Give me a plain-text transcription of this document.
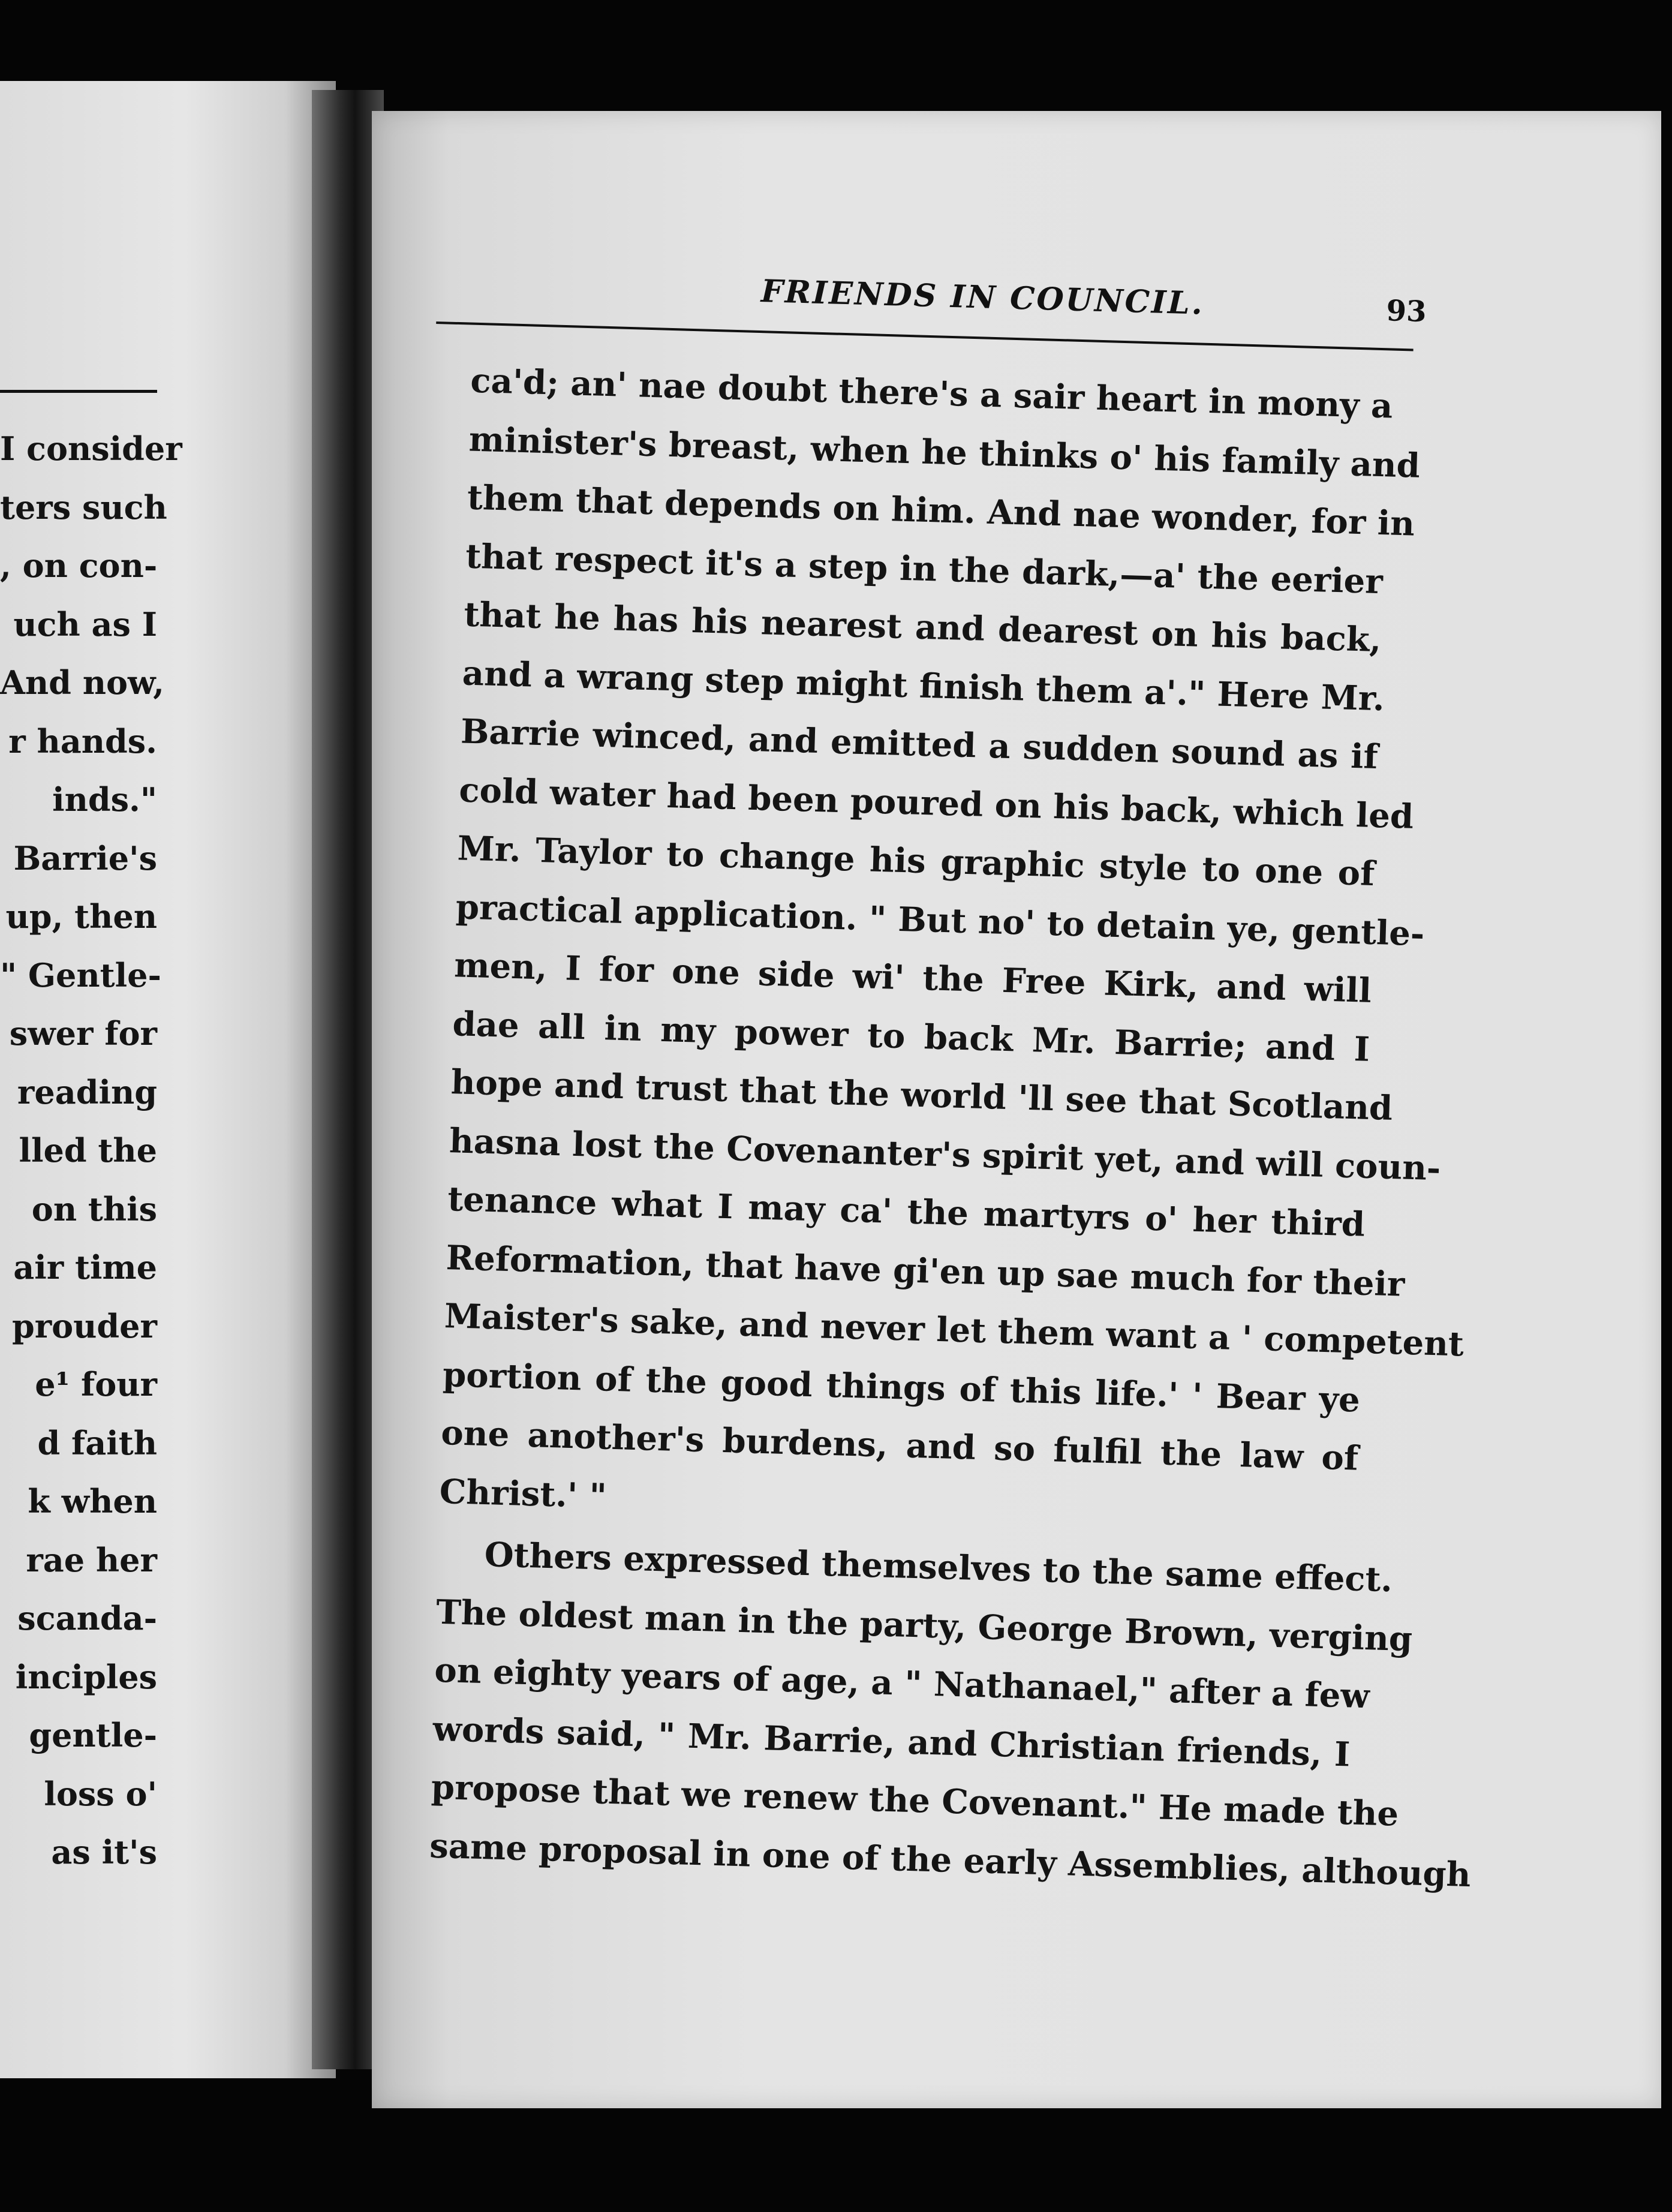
I consider
ters such
, on con-
uch as I
And now,
r hands.
inds."
Barrie's
up, then
" Gentle-
swer for
reading
lled the
on this
air time
prouder
e¹ four
d faith
k when
rae her
scanda-
inciples
gentle-
loss o'
as it's
FRIENDS IN COUNCIL.	93
ca'd; an' nae doubt there's a sair heart in mony a
minister's breast, when he thinks o' his family and
them that depends on him. And nae wonder, for in
that respect it's a step in the dark,—a' the eerier
that he has his nearest and dearest on his back,
and a wrang step might finish them a'." Here Mr.
Barrie winced, and emitted a sudden sound as if
cold water had been poured on his back, which led
Mr. Taylor to change his graphic style to one of
practical application. " But no' to detain ye, gentle-
men, I for one side wi' the Free Kirk, and will
dae all in my power to back Mr. Barrie; and I
hope and trust that the world 'll see that Scotland
hasna lost the Covenanter's spirit yet, and will coun-
tenance what I may ca' the martyrs o' her third
Reformation, that have gi'en up sae much for their
Maister's sake, and never let them want a ' competent
portion of the good things of this life.' ' Bear ye
one another's burdens, and so fulfil the law of
Christ.' "
Others expressed themselves to the same effect.
The oldest man in the party, George Brown, verging
on eighty years of age, a " Nathanael," after a few
words said, " Mr. Barrie, and Christian friends, I
propose that we renew the Covenant." He made the
same proposal in one of the early Assemblies, although
